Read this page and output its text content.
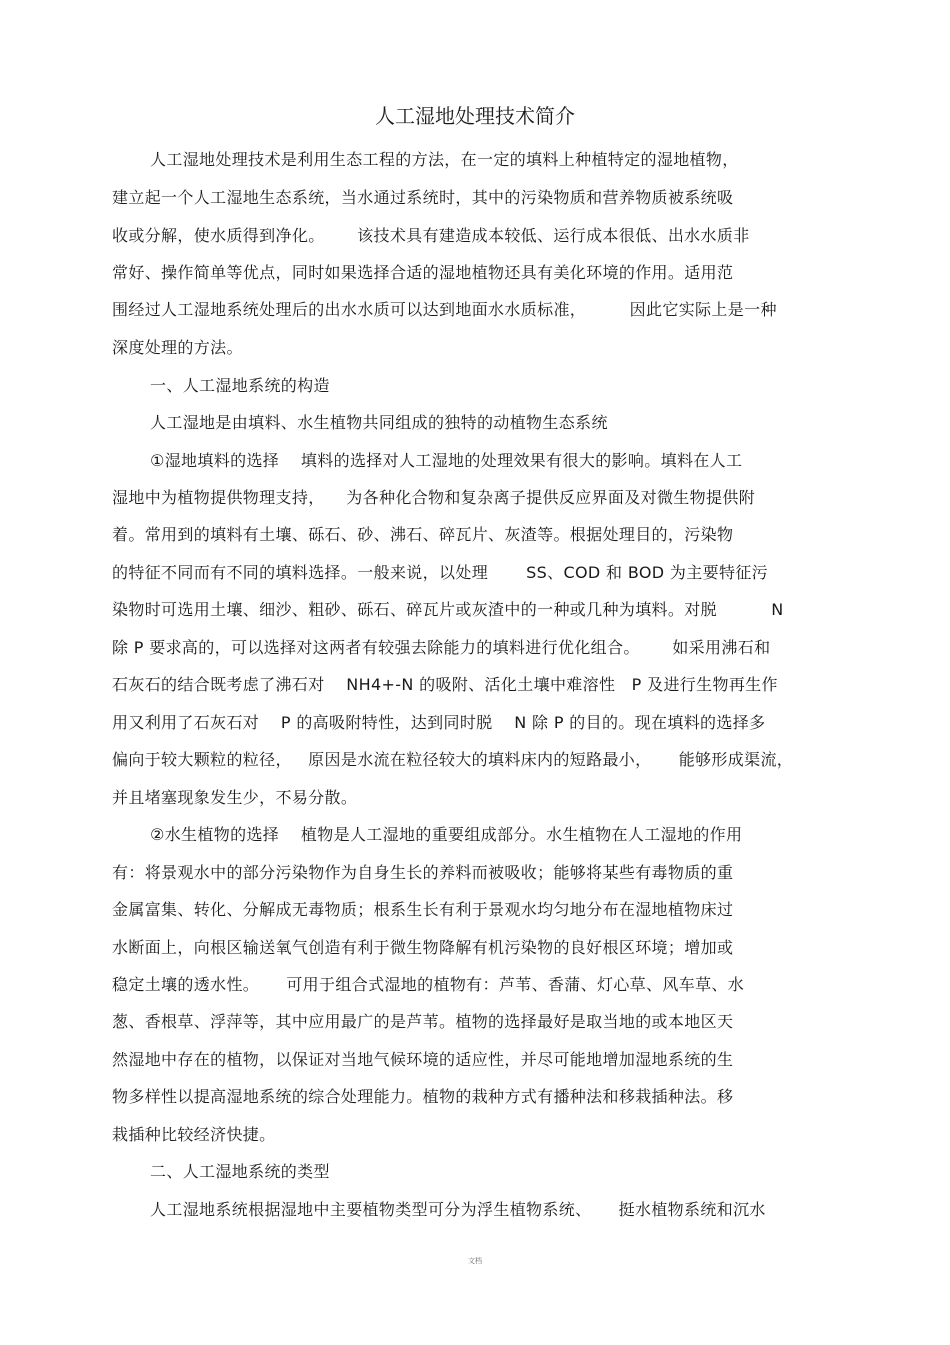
人工湿地处理技术简介
人工湿地处理技术是利用生态工程的方法，在一定的填料上种植特定的湿地植物，
建立起一个人工湿地生态系统，当水通过系统时，其中的污染物质和营养物质被系统吸
收或分解，使水质得到净化。      该技术具有建造成本较低、运行成本很低、出水水质非
常好、操作简单等优点，同时如果选择合适的湿地植物还具有美化环境的作用。适用范
围经过人工湿地系统处理后的出水水质可以达到地面水水质标准，        因此它实际上是一种
深度处理的方法。
一、人工湿地系统的构造
人工湿地是由填料、水生植物共同组成的独特的动植物生态系统
①湿地填料的选择    填料的选择对人工湿地的处理效果有很大的影响。填料在人工
湿地中为植物提供物理支持，    为各种化合物和复杂离子提供反应界面及对微生物提供附
着。常用到的填料有土壤、砾石、砂、沸石、碎瓦片、灰渣等。根据处理目的，污染物
的特征不同而有不同的填料选择。一般来说，以处理       SS、COD 和 BOD 为主要特征污
染物时可选用土壤、细沙、粗砂、砾石、碎瓦片或灰渣中的一种或几种为填料。对脱          N
除 P 要求高的，可以选择对这两者有较强去除能力的填料进行优化组合。      如采用沸石和
石灰石的结合既考虑了沸石对    NH4+-N 的吸附、活化土壤中难溶性   P 及进行生物再生作
用又利用了石灰石对    P 的高吸附特性，达到同时脱    N 除 P 的目的。现在填料的选择多
偏向于较大颗粒的粒径，   原因是水流在粒径较大的填料床内的短路最小，     能够形成渠流，
并且堵塞现象发生少，不易分散。
②水生植物的选择    植物是人工湿地的重要组成部分。水生植物在人工湿地的作用
有：将景观水中的部分污染物作为自身生长的养料而被吸收；能够将某些有毒物质的重
金属富集、转化、分解成无毒物质；根系生长有利于景观水均匀地分布在湿地植物床过
水断面上，向根区输送氧气创造有利于微生物降解有机污染物的良好根区环境；增加或
稳定土壤的透水性。     可用于组合式湿地的植物有：芦苇、香蒲、灯心草、风车草、水
葱、香根草、浮萍等，其中应用最广的是芦苇。植物的选择最好是取当地的或本地区天
然湿地中存在的植物，以保证对当地气候环境的适应性，并尽可能地增加湿地系统的生
物多样性以提高湿地系统的综合处理能力。植物的栽种方式有播种法和移栽插种法。移
栽插种比较经济快捷。
二、人工湿地系统的类型
人工湿地系统根据湿地中主要植物类型可分为浮生植物系统、     挺水植物系统和沉水
文档
